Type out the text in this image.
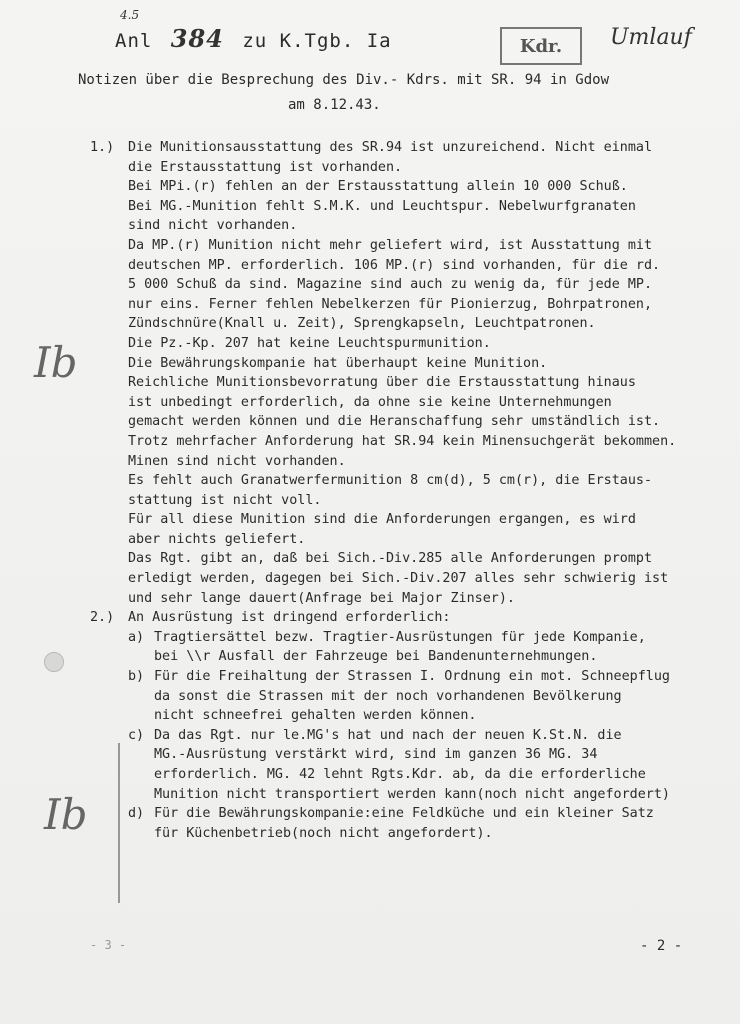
4.5
Anl 384 zu K.Tgb. Ia	Kdr.	Umlauf
Notizen über die Besprechung des Div.- Kdrs. mit SR. 94 in Gdow
am 8.12.43.
Ib
Ib
1.)	Die Munitionsausstattung des SR.94 ist unzureichend. Nicht einmal
die Erstausstattung ist vorhanden.
Bei MPi.(r) fehlen an der Erstausstattung allein 10 000 Schuß.
Bei MG.-Munition fehlt S.M.K. und Leuchtspur. Nebelwurfgranaten
sind nicht vorhanden.
Da MP.(r) Munition nicht mehr geliefert wird, ist Ausstattung mit
deutschen MP. erforderlich. 106 MP.(r) sind vorhanden, für die rd.
5 000 Schuß da sind. Magazine sind auch zu wenig da, für jede MP.
nur eins. Ferner fehlen Nebelkerzen für Pionierzug, Bohrpatronen,
Zündschnüre(Knall u. Zeit), Sprengkapseln, Leuchtpatronen.
Die Pz.-Kp. 207 hat keine Leuchtspurmunition.
Die Bewährungskompanie hat überhaupt keine Munition.
Reichliche Munitionsbevorratung über die Erstausstattung hinaus
ist unbedingt erforderlich, da ohne sie keine Unternehmungen
gemacht werden können und die Heranschaffung sehr umständlich ist.
Trotz mehrfacher Anforderung hat SR.94 kein Minensuchgerät bekommen.
Minen sind nicht vorhanden.
Es fehlt auch Granatwerfermunition 8 cm(d), 5 cm(r), die Erstaus-
stattung ist nicht voll.
Für all diese Munition sind die Anforderungen ergangen, es wird
aber nichts geliefert.
Das Rgt. gibt an, daß bei Sich.-Div.285 alle Anforderungen prompt
erledigt werden, dagegen bei Sich.-Div.207 alles sehr schwierig ist
und sehr lange dauert(Anfrage bei Major Zinser).
2.)	An Ausrüstung ist dringend erforderlich:
a) Tragtiersättel bezw. Tragtier-Ausrüstungen für jede Kompanie,
bei \\r Ausfall der Fahrzeuge bei Bandenunternehmungen.
b) Für die Freihaltung der Strassen I. Ordnung ein mot. Schneepflug
da sonst die Strassen mit der noch vorhandenen Bevölkerung
nicht schneefrei gehalten werden können.
c) Da das Rgt. nur le.MG's hat und nach der neuen K.St.N. die
MG.-Ausrüstung verstärkt wird, sind im ganzen 36 MG. 34
erforderlich. MG. 42 lehnt Rgts.Kdr. ab, da die erforderliche
Munition nicht transportiert werden kann(noch nicht angefordert)
d) Für die Bewährungskompanie:eine Feldküche und ein kleiner Satz
für Küchenbetrieb(noch nicht angefordert).
- 3 -	- 2 -
